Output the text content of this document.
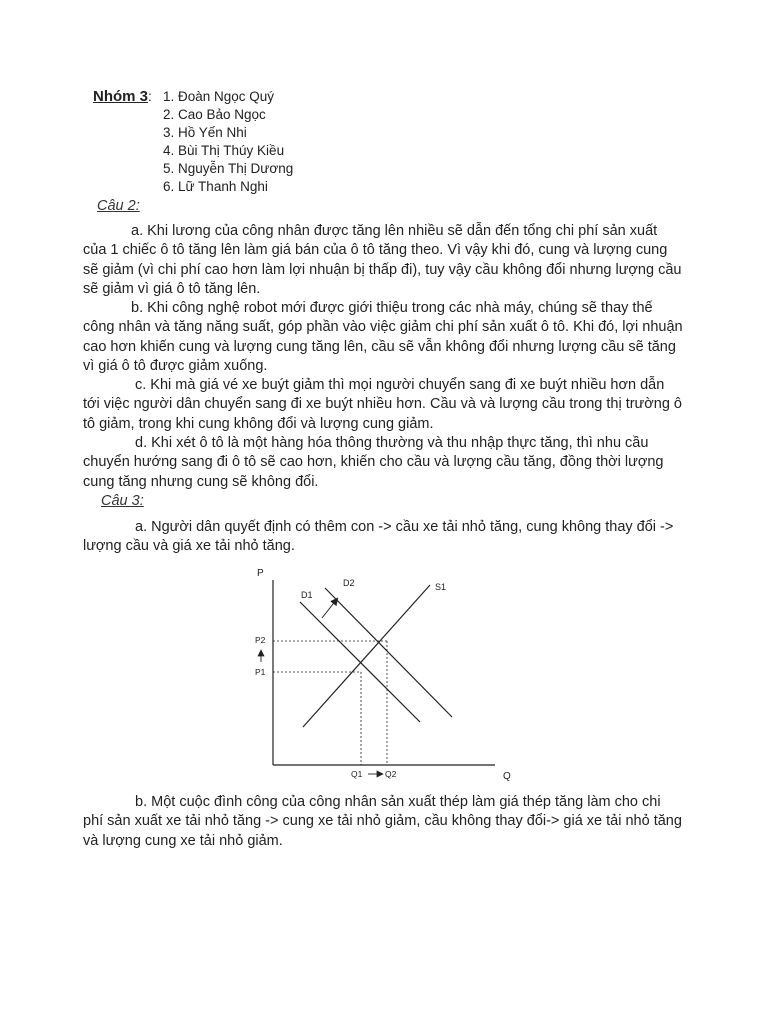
Nhóm 3: 1. Đoàn Ngọc Quý
2. Cao Bảo Ngọc
3. Hồ Yến Nhi
4. Bùi Thị Thúy Kiều
5. Nguyễn Thị Dương
6. Lữ Thanh Nghi
Câu 2:

a. Khi lương của công nhân được tăng lên nhiều sẽ dẫn đến tổng chi phí sản xuất của 1 chiếc ô tô tăng lên làm giá bán của ô tô tăng theo. Vì vậy khi đó, cung và lượng cung sẽ giảm (vì chi phí cao hơn làm lợi nhuận bị thấp đi), tuy vậy cầu không đổi nhưng lượng cầu sẽ giảm vì giá ô tô tăng lên.

b. Khi công nghệ robot mới được giới thiệu trong các nhà máy, chúng sẽ thay thế công nhân và tăng năng suất, góp phần vào việc giảm chi phí sản xuất ô tô. Khi đó, lợi nhuận cao hơn khiến cung và lượng cung tăng lên, cầu sẽ vẫn không đổi nhưng lượng cầu sẽ tăng vì giá ô tô được giảm xuống.

c. Khi mà giá vé xe buýt giảm thì mọi người chuyển sang đi xe buýt nhiều hơn dẫn tới việc người dân chuyển sang đi xe buýt nhiều hơn. Cầu và và lượng cầu trong thị trường ô tô giảm, trong khi cung không đổi và lượng cung giảm.

d. Khi xét ô tô là một hàng hóa thông thường và thu nhập thực tăng, thì nhu cầu chuyển hướng sang đi ô tô sẽ cao hơn, khiến cho cầu và lượng cầu tăng, đồng thời lượng cung tăng nhưng cung sẽ không đổi.

Câu 3:

a. Người dân quyết định có thêm con -> cầu xe tải nhỏ tăng, cung không thay đổi -> lượng cầu và giá xe tải nhỏ tăng.

P
Q
D1
D2	S1
P2
P1
Q1	Q2

b. Một cuộc đình công của công nhân sản xuất thép làm giá thép tăng làm cho chi phí sản xuất xe tải nhỏ tăng -> cung xe tải nhỏ giảm, cầu không thay đổi-> giá xe tải nhỏ tăng và lượng cung xe tải nhỏ giảm.
